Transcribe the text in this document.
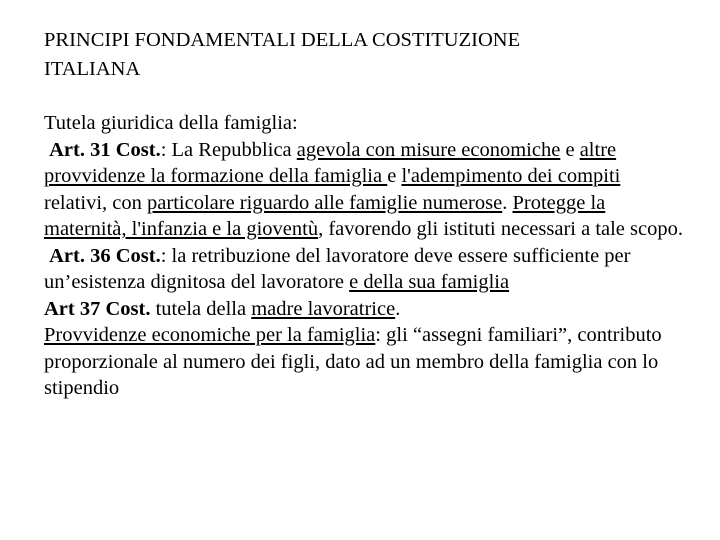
PRINCIPI FONDAMENTALI DELLA COSTITUZIONE
ITALIANA

Tutela giuridica della famiglia:

Art. 31 Cost.: La Repubblica agevola con misure economiche e altre provvidenze la formazione della famiglia e l'adempimento dei compiti relativi, con particolare riguardo alle famiglie numerose. Protegge la maternità, l'infanzia e la gioventù, favorendo gli istituti necessari a tale scopo.

Art. 36 Cost.: la retribuzione del lavoratore deve essere sufficiente per un’esistenza dignitosa del lavoratore e della sua famiglia

Art 37 Cost. tutela della madre lavoratrice.

Provvidenze economiche per la famiglia: gli “assegni familiari”, contributo proporzionale al numero dei figli, dato ad un membro della famiglia con lo stipendio
